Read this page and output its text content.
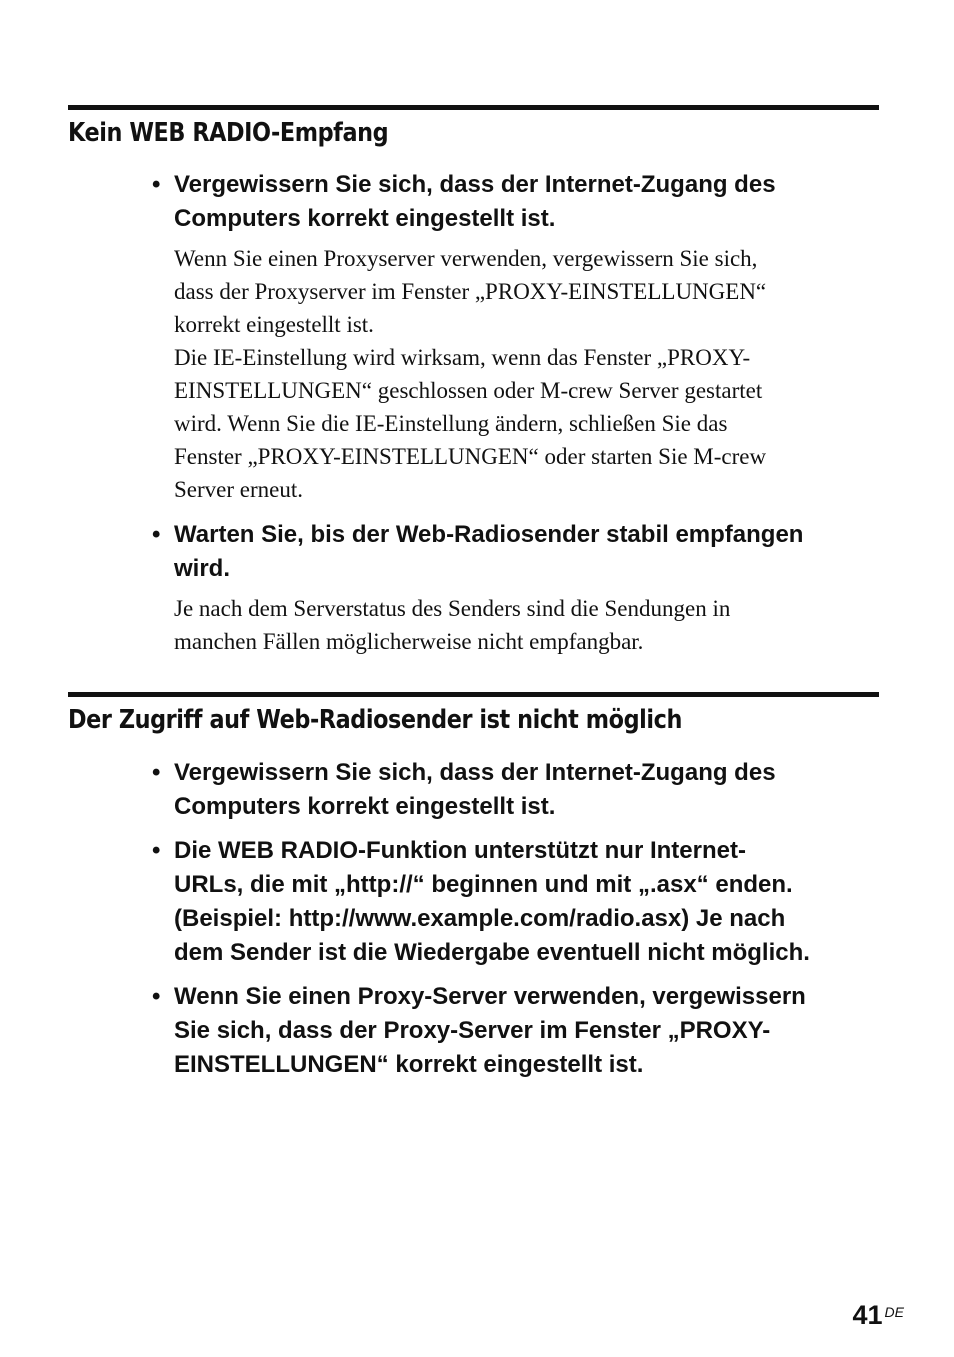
Kein WEB RADIO-Empfang
• Vergewissern Sie sich, dass der Internet-Zugang des
Computers korrekt eingestellt ist.
Wenn Sie einen Proxyserver verwenden, vergewissern Sie sich,
dass der Proxyserver im Fenster „PROXY-EINSTELLUNGEN“
korrekt eingestellt ist.
Die IE-Einstellung wird wirksam, wenn das Fenster „PROXY-
EINSTELLUNGEN“ geschlossen oder M-crew Server gestartet
wird. Wenn Sie die IE-Einstellung ändern, schließen Sie das
Fenster „PROXY-EINSTELLUNGEN“ oder starten Sie M-crew
Server erneut.
• Warten Sie, bis der Web-Radiosender stabil empfangen
wird.
Je nach dem Serverstatus des Senders sind die Sendungen in
manchen Fällen möglicherweise nicht empfangbar.
Der Zugriff auf Web-Radiosender ist nicht möglich
• Vergewissern Sie sich, dass der Internet-Zugang des
Computers korrekt eingestellt ist.
• Die WEB RADIO-Funktion unterstützt nur Internet-
URLs, die mit „http://“ beginnen und mit „.asx“ enden.
(Beispiel: http://www.example.com/radio.asx) Je nach
dem Sender ist die Wiedergabe eventuell nicht möglich.
• Wenn Sie einen Proxy-Server verwenden, vergewissern
Sie sich, dass der Proxy-Server im Fenster „PROXY-
EINSTELLUNGEN“ korrekt eingestellt ist.
41 DE
